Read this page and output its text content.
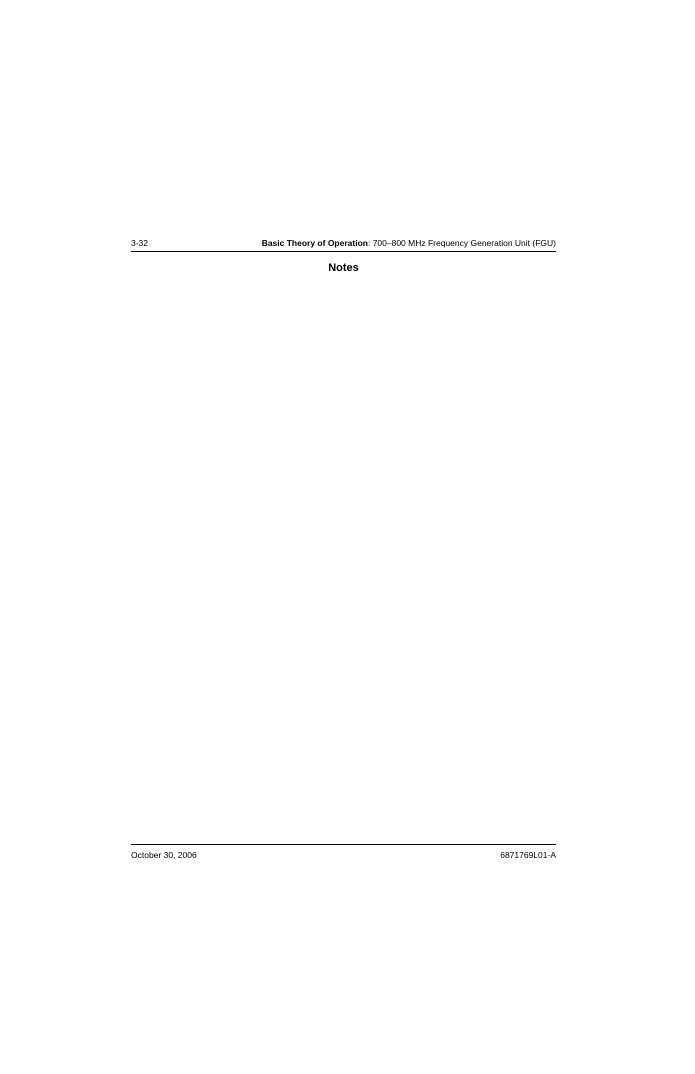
3-32	Basic Theory of Operation: 700–800 MHz Frequency Generation Unit (FGU)
Notes
October 30, 2006	6871769L01-A
